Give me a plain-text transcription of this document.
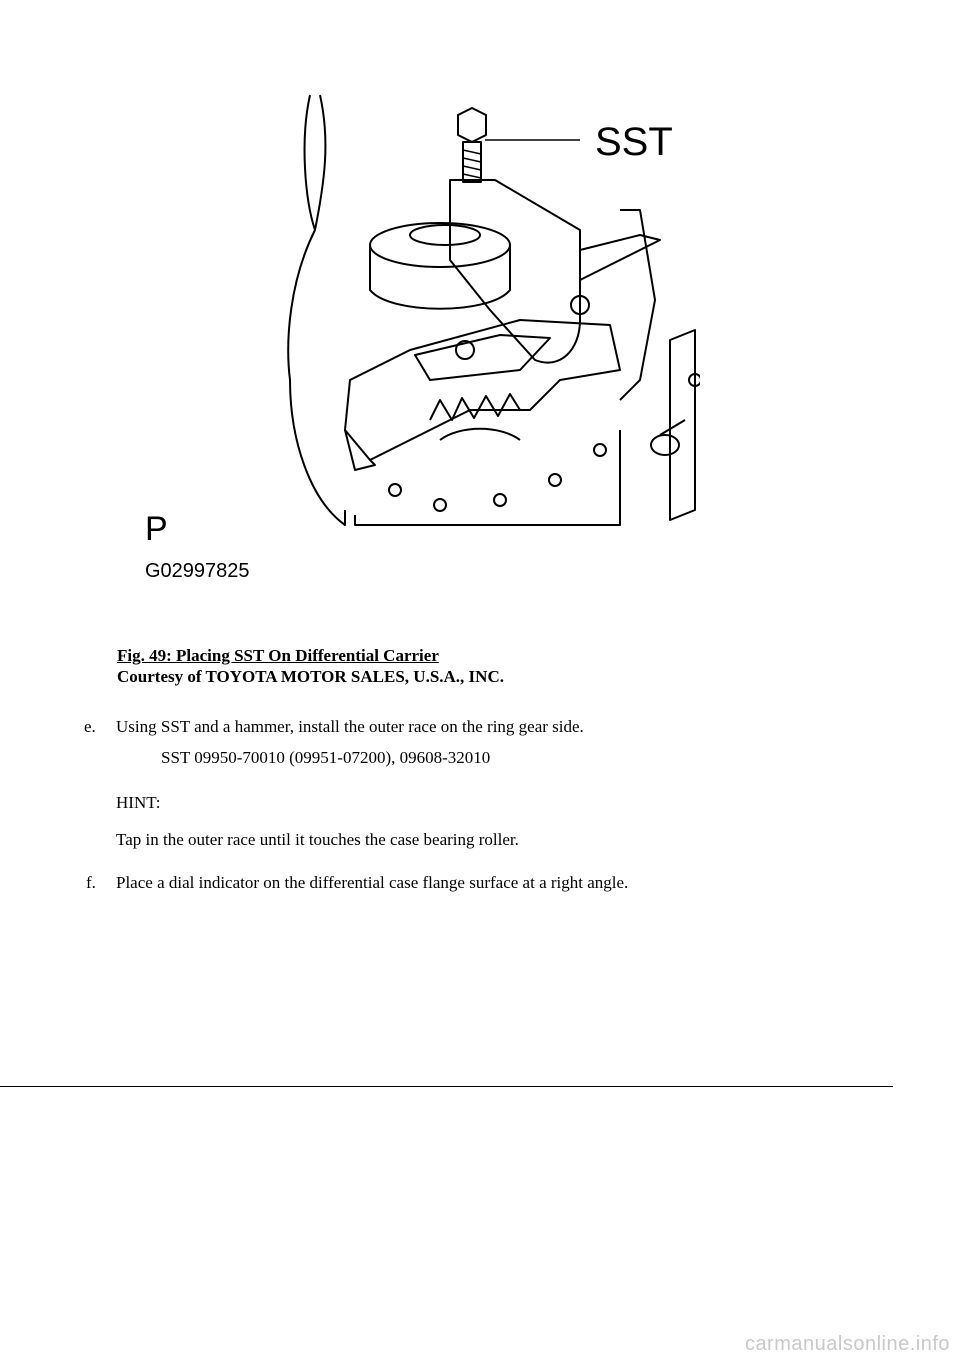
SST
P
G02997825
Fig. 49: Placing SST On Differential Carrier
Courtesy of TOYOTA MOTOR SALES, U.S.A., INC.
e. Using SST and a hammer, install the outer race on the ring gear side.
SST 09950-70010 (09951-07200), 09608-32010
HINT:
Tap in the outer race until it touches the case bearing roller.
f. Place a dial indicator on the differential case flange surface at a right angle.
carmanualsonline.info
